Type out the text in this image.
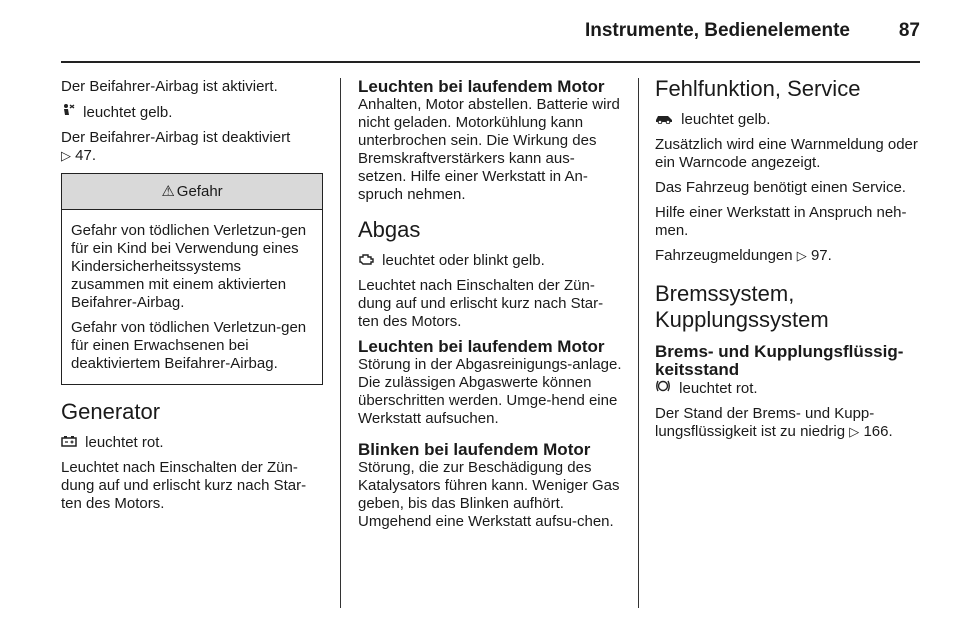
Instrumente, Bedienelemente	87

Der Beifahrer-Airbag ist aktiviert.

leuchtet gelb.

Der Beifahrer-Airbag ist deaktiviert
▷ 47.

⚠ Gefahr

Gefahr von tödlichen Verletzun-gen für ein Kind bei Verwendung eines Kindersicherheitssystems zusammen mit einem aktivierten Beifahrer-Airbag.

Gefahr von tödlichen Verletzun-gen für einen Erwachsenen bei deaktiviertem Beifahrer-Airbag.

Generator

leuchtet rot.

Leuchtet nach Einschalten der Zün-dung auf und erlischt kurz nach Star-ten des Motors.

Leuchten bei laufendem Motor

Anhalten, Motor abstellen. Batterie wird nicht geladen. Motorkühlung kann unterbrochen sein. Die Wirkung des Bremskraftverstärkers kann aus-setzen. Hilfe einer Werkstatt in An-spruch nehmen.

Abgas

leuchtet oder blinkt gelb.

Leuchtet nach Einschalten der Zün-dung auf und erlischt kurz nach Star-ten des Motors.

Leuchten bei laufendem Motor

Störung in der Abgasreinigungs-anlage. Die zulässigen Abgaswerte können überschritten werden. Umge-hend eine Werkstatt aufsuchen.

Blinken bei laufendem Motor

Störung, die zur Beschädigung des Katalysators führen kann. Weniger Gas geben, bis das Blinken aufhört. Umgehend eine Werkstatt aufsu-chen.

Fehlfunktion, Service

leuchtet gelb.

Zusätzlich wird eine Warnmeldung oder ein Warncode angezeigt.

Das Fahrzeug benötigt einen Service.

Hilfe einer Werkstatt in Anspruch neh-men.

Fahrzeugmeldungen ▷ 97.

Bremssystem,
Kupplungssystem
Brems- und Kupplungsflüssig-keitsstand

leuchtet rot.

Der Stand der Brems- und Kupp-lungsflüssigkeit ist zu niedrig ▷ 166.
